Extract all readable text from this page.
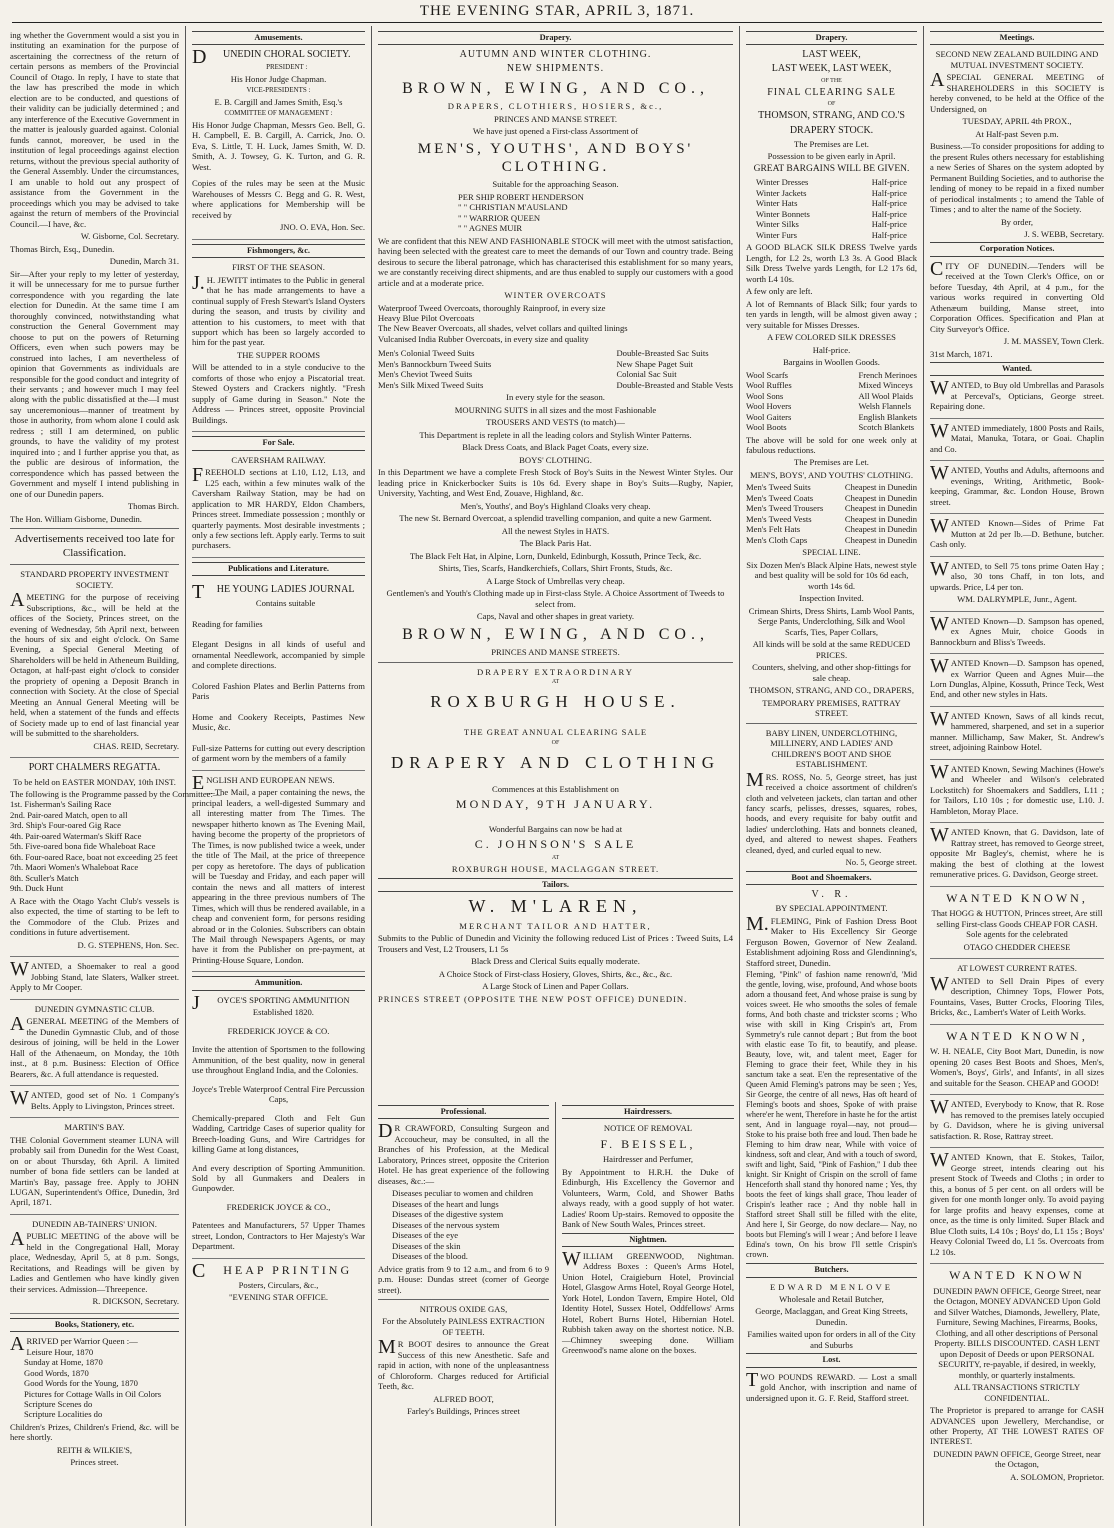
THE EVENING STAR, APRIL 3, 1871.

ing whether the Government would a sist you in instituting an examination for the purpose of ascertaining the correctness of the return of certain persons as members of the Provincial Council of Otago. In reply, I have to state that the law has prescribed the mode in which election are to be conducted, and questions of their validity can be judicially determined ; and any interference of the Executive Government in the matter is jealously guarded against. Colonial funds cannot, moreover, be used in the institution of legal proceedings against election returns, without the previous special authority of the General Assembly. Under the circumstances, I am unable to hold out any prospect of assistance from the Government in the proceedings which you may be advised to take against the return of members of the Provincial Council.—I have, &c.

W. Gisborne, Col. Secretary.

Thomas Birch, Esq., Dunedin.

Dunedin, March 31.

Sir—After your reply to my letter of yesterday, it will be unnecessary for me to pursue further correspondence with you regarding the late election for Dunedin. At the same time I am thoroughly convinced, notwithstanding what construction the General Government may choose to put on the powers of Returning Officers, even when such powers may be construed into laches, I am nevertheless of opinion that Governments as individuals are responsible for the good conduct and integrity of their servants ; and however much I may feel along with the public dissatisfied at the—I must say unceremonious—manner of treatment by those in authority, from whom alone I could ask redress ; still I am determined, on public grounds, to have the validity of my protest inquired into ; and I further apprise you that, as the public are desirous of information, the correspondence which has passed between the Government and myself I intend publishing in one of our Dunedin papers.

Thomas Birch.

The Hon. William Gisborne, Dunedin.

Advertisements received too late for Classification.

STANDARD PROPERTY INVESTMENT SOCIETY.

AMEETING for the purpose of receiving Subscriptions, &c., will be held at the offices of the Society, Princes street, on the evening of Wednesday, 5th April next, between the hours of six and eight o'clock. On Same Evening, a Special General Meeting of Shareholders will be held in Atheneum Building, Octagon, at half-past eight o'clock to consider the propriety of opening a Deposit Branch in connection with Society. At the close of Special Meeting an Annual General Meeting will be held, when a statement of the funds and effects of Society made up to end of last financial year will be submitted to the shareholders.

CHAS. REID, Secretary.

PORT CHALMERS REGATTA.

To be held on EASTER MONDAY, 10th INST.

The following is the Programme passed by the Committee:—

1st. Fisherman's Sailing Race

2nd. Pair-oared Match, open to all

3rd. Ship's Four-oared Gig Race

4th. Pair-oared Waterman's Skiff Race

5th. Five-oared bona fide Whaleboat Race

6th. Four-oared Race, boat not exceeding 25 feet

7th. Maori Women's Whaleboat Race

8th. Sculler's Match

9th. Duck Hunt

A Race with the Otago Yacht Club's vessels is also expected, the time of starting to be left to the Commodore of the Club. Prizes and conditions in future advertisement.

D. G. STEPHENS, Hon. Sec.

WANTED, a Shoemaker to real a good Jobbing Stand, late Slaters, Walker street. Apply to Mr Cooper.

DUNEDIN GYMNASTIC CLUB.

AGENERAL MEETING of the Members of the Dunedin Gymnastic Club, and of those desirous of joining, will be held in the Lower Hall of the Athenaeum, on Monday, the 10th inst., at 8 p.m. Business: Election of Office Bearers, &c. A full attendance is requested.

WANTED, good set of No. 1 Company's Belts. Apply to Livingston, Princes street.

MARTIN'S BAY.

THE Colonial Government steamer LUNA will probably sail from Dunedin for the West Coast, on or about Thursday, 6th April. A limited number of bona fide settlers can be landed at Martin's Bay, passage free. Apply to JOHN LUGAN, Superintendent's Office, Dunedin, 3rd April, 1871.

DUNEDIN AB-TAINERS' UNION.

APUBLIC MEETING of the above will be held in the Congregational Hall, Moray place, Wednesday, April 5, at 8 p.m. Songs, Recitations, and Readings will be given by Ladies and Gentlemen who have kindly given their services. Admission—Threepence.

R. DICKSON, Secretary.

Books, Stationery, etc.

ARRIVED per Warrior Queen :—

Leisure Hour, 1870

Sunday at Home, 1870

Good Words, 1870

Good Words for the Young, 1870

Pictures for Cottage Walls in Oil Colors

Scripture Scenes do

Scripture Localities do

Children's Prizes, Children's Friend, &c. will be here shortly.

REITH & WILKIE'S,

Princes street.

Amusements.

DUNEDIN CHORAL SOCIETY.

PRESIDENT :

His Honor Judge Chapman.

VICE-PRESIDENTS :

E. B. Cargill and James Smith, Esq.'s

COMMITTEE OF MANAGEMENT :

His Honor Judge Chapman, Messrs Geo. Bell, G. H. Campbell, E. B. Cargill, A. Carrick, Jno. O. Eva, S. Little, T. H. Luck, James Smith, W. D. Smith, A. J. Towsey, G. K. Turton, and G. R. West.

Copies of the rules may be seen at the Music Warehouses of Messrs C. Begg and G. R. West, where applications for Membership will be received by

JNO. O. EVA, Hon. Sec.

Fishmongers, &c.

FIRST OF THE SEASON.

J.H. JEWITT intimates to the Public in general that he has made arrangements to have a continual supply of Fresh Stewart's Island Oysters during the season, and trusts by civility and attention to his customers, to meet with that support which has been so largely accorded to him for the past year.

THE SUPPER ROOMS

Will be attended to in a style conducive to the comforts of those who enjoy a Piscatorial treat. Stewed Oysters and Crackers nightly. "Fresh supply of Game during in Season." Note the Address — Princes street, opposite Provincial Buildings.

For Sale.

CAVERSHAM RAILWAY.

FREEHOLD sections at L10, L12, L13, and L25 each, within a few minutes walk of the Caversham Railway Station, may be had on application to MR HARDY, Eldon Chambers, Princes street. Immediate possession ; monthly or quarterly payments. Most desirable investments ; only a few sections left. Apply early. Terms to suit purchasers.

Publications and Literature.

THE YOUNG LADIES JOURNAL

Contains suitable

Reading for families

Elegant Designs in all kinds of useful and ornamental Needlework, accompanied by simple and complete directions.

Colored Fashion Plates and Berlin Patterns from Paris

Home and Cookery Receipts, Pastimes New Music, &c.

Full-size Patterns for cutting out every description of garment worn by the members of a family

ENGLISH AND EUROPEAN NEWS.

—The Mail, a paper containing the news, the principal leaders, a well-digested Summary and all interesting matter from The Times. The newspaper hitherto known as The Evening Mail, having become the property of the proprietors of The Times, is now published twice a week, under the title of The Mail, at the price of threepence per copy as heretofore. The days of publication will be Tuesday and Friday, and each paper will contain the news and all matters of interest appearing in the three previous numbers of The Times, which will thus be rendered available, in a cheap and convenient form, for persons residing abroad or in the Colonies. Subscribers can obtain The Mail through Newspapers Agents, or may have it from the Publisher on pre-payment, at Printing-House Square, London.

Ammunition.

JOYCE'S SPORTING AMMUNITION

Established 1820.

FREDERICK JOYCE & CO.

Invite the attention of Sportsmen to the following Ammunition, of the best quality, now in general use throughout England India, and the Colonies.

Joyce's Treble Waterproof Central Fire Percussion Caps,

Chemically-prepared Cloth and Felt Gun Wadding, Cartridge Cases of superior quality for Breech-loading Guns, and Wire Cartridges for killing Game at long distances,

And every description of Sporting Ammunition. Sold by all Gunmakers and Dealers in Gunpowder.

FREDERICK JOYCE & CO.,

Patentees and Manufacturers, 57 Upper Thames street, London, Contractors to Her Majesty's War Department.

CHEAP PRINTING

Posters, Circulars, &c.,

"EVENING STAR OFFICE.

Drapery.

AUTUMN AND WINTER CLOTHING.

NEW SHIPMENTS.

BROWN, EWING, AND CO.,

DRAPERS, CLOTHIERS, HOSIERS, &c.,

PRINCES AND MANSE STREET.

We have just opened a First-class Assortment of

MEN'S, YOUTHS', AND BOYS' CLOTHING.

Suitable for the approaching Season.

PER SHIP ROBERT HENDERSON

" " CHRISTIAN M'AUSLAND

" " WARRIOR QUEEN

" " AGNES MUIR

We are confident that this NEW AND FASHIONABLE STOCK will meet with the utmost satisfaction, having been selected with the greatest care to meet the demands of our Town and country trade. Being desirous to secure the liberal patronage, which has characterised this establishment for so many years, we are constantly receiving direct shipments, and are thus enabled to supply our customers with a good article and at a moderate price.

WINTER OVERCOATS

Waterproof Tweed Overcoats, thoroughly Rainproof, in every size

Heavy Blue Pilot Overcoats

The New Beaver Overcoats, all shades, velvet collars and quilted linings

Vulcanised India Rubber Overcoats, in every size and quality

Men's Colonial Tweed Suits

Men's Bannockburn Tweed Suits

Men's Cheviot Tweed Suits

Men's Silk Mixed Tweed Suits

Double-Breasted Sac Suits

New Shape Paget Suit

Colonial Sac Suit

Double-Breasted and Stable Vests

In every style for the season.

MOURNING SUITS in all sizes and the most Fashionable

TROUSERS AND VESTS (to match)—

This Department is replete in all the leading colors and Stylish Winter Patterns.

Black Dress Coats, and Black Paget Coats, every size.

BOYS' CLOTHING.

In this Department we have a complete Fresh Stock of Boy's Suits in the Newest Winter Styles. Our leading price in Knickerbocker Suits is 10s 6d. Every shape in Boy's Suits—Rugby, Napier, University, Yachting, and West End, Zouave, Highland, &c.

Men's, Youths', and Boy's Highland Cloaks very cheap.

The new St. Bernard Overcoat, a splendid travelling companion, and quite a new Garment.

All the newest Styles in HATS.

The Black Paris Hat.

The Black Felt Hat, in Alpine, Lorn, Dunkeld, Edinburgh, Kossuth, Prince Teck, &c.

Shirts, Ties, Scarfs, Handkerchiefs, Collars, Shirt Fronts, Studs, &c.

A Large Stock of Umbrellas very cheap.

Gentlemen's and Youth's Clothing made up in First-class Style. A Choice Assortment of Tweeds to select from.

Caps, Naval and other shapes in great variety.

BROWN, EWING, AND CO.,

PRINCES AND MANSE STREETS.

DRAPERY EXTRAORDINARY

AT

ROXBURGH HOUSE.

THE GREAT ANNUAL CLEARING SALE

OF

DRAPERY AND CLOTHING

Commences at this Establishment on

MONDAY, 9TH JANUARY.

Wonderful Bargains can now be had at

C. JOHNSON'S SALE

AT

ROXBURGH HOUSE, MACLAGGAN STREET.

Tailors.

W. M'LAREN,

MERCHANT TAILOR AND HATTER,

Submits to the Public of Dunedin and Vicinity the following reduced List of Prices : Tweed Suits, L4 Trousers and Vest, L2 Trousers, L1 5s

Black Dress and Clerical Suits equally moderate.

A Choice Stock of First-class Hosiery, Gloves, Shirts, &c., &c., &c.

A Large Stock of Linen and Paper Collars.

PRINCES STREET (OPPOSITE THE NEW POST OFFICE) DUNEDIN.

Professional.

DR CRAWFORD, Consulting Surgeon and Accoucheur, may be consulted, in all the Branches of his Profession, at the Medical Laboratory, Princes street, opposite the Criterion Hotel. He has great experience of the following diseases, &c.:—

Diseases peculiar to women and children

Diseases of the heart and lungs

Diseases of the digestive system

Diseases of the nervous system

Diseases of the eye

Diseases of the skin

Diseases of the blood.

Advice gratis from 9 to 12 a.m., and from 6 to 9 p.m. House: Dundas street (corner of George street).

NITROUS OXIDE GAS,

For the Absolutely PAINLESS EXTRACTION OF TEETH.

MR BOOT desires to announce the Great Success of this new Anesthetic. Safe and rapid in action, with none of the unpleasantness of Chloroform. Charges reduced for Artificial Teeth, &c.

ALFRED BOOT,

Farley's Buildings, Princes street

Hairdressers.

NOTICE OF REMOVAL

F. BEISSEL,

Hairdresser and Perfumer,

By Appointment to H.R.H. the Duke of Edinburgh, His Excellency the Governor and Volunteers, Warm, Cold, and Shower Baths always ready, with a good supply of hot water. Ladies' Room Up-stairs. Removed to opposite the Bank of New South Wales, Princes street.

Nightmen.

WILLIAM GREENWOOD, Nightman. Address Boxes : Queen's Arms Hotel, Union Hotel, Craigieburn Hotel, Provincial Hotel, Glasgow Arms Hotel, Royal George Hotel, York Hotel, London Tavern, Empire Hotel, Old Identity Hotel, Sussex Hotel, Oddfellows' Arms Hotel, Robert Burns Hotel, Hibernian Hotel. Rubbish taken away on the shortest notice. N.B.—Chimney sweeping done. William Greenwood's name alone on the boxes.

Drapery.

LAST WEEK,

LAST WEEK, LAST WEEK,

OF THE

FINAL CLEARING SALE

OF

THOMSON, STRANG, AND CO.'S

DRAPERY STOCK.

The Premises are Let.

Possession to be given early in April.

GREAT BARGAINS WILL BE GIVEN.

Winter Dresses	Half-price
Winter Jackets	Half-price
Winter Hats	Half-price
Winter Bonnets	Half-price
Winter Silks	Half-price
Winter Furs	Half-price

A GOOD BLACK SILK DRESS Twelve yards Length, for L2 2s, worth L3 3s. A Good Black Silk Dress Twelve yards Length, for L2 17s 6d, worth L4 10s.

A few only are left.

A lot of Remnants of Black Silk; four yards to ten yards in length, will be almost given away ; very suitable for Misses Dresses.

A FEW COLORED SILK DRESSES

Half-price.

Bargains in Woollen Goods.

Wool Scarfs

Wool Ruffles

Wool Sons

Wool Hovers

Wool Gaiters

Wool Boots

French Merinoes

Mixed Winceys

All Wool Plaids

Welsh Flannels

English Blankets

Scotch Blankets

The above will be sold for one week only at fabulous reductions.

The Premises are Let.

MEN'S, BOYS', AND YOUTHS' CLOTHING.

Men's Tweed Suits	Cheapest in Dunedin
Men's Tweed Coats	Cheapest in Dunedin
Men's Tweed Trousers	Cheapest in Dunedin
Men's Tweed Vests	Cheapest in Dunedin
Men's Felt Hats	Cheapest in Dunedin
Men's Cloth Caps	Cheapest in Dunedin

SPECIAL LINE.

Six Dozen Men's Black Alpine Hats, newest style and best quality will be sold for 10s 6d each, worth 14s 6d.

Inspection Invited.

Crimean Shirts, Dress Shirts, Lamb Wool Pants, Serge Pants, Underclothing, Silk and Wool Scarfs, Ties, Paper Collars,

All kinds will be sold at the same REDUCED PRICES.

Counters, shelving, and other shop-fittings for sale cheap.

THOMSON, STRANG, AND CO., DRAPERS,

TEMPORARY PREMISES, RATTRAY STREET.

BABY LINEN, UNDERCLOTHING, MILLINERY, AND LADIES' AND CHILDREN'S BOOT AND SHOE ESTABLISHMENT.

MRS. ROSS, No. 5, George street, has just received a choice assortment of children's cloth and velveteen jackets, clan tartan and other fancy scarfs, pelisses, dresses, squares, robes, hoods, and every requisite for baby outfit and ladies' underclothing. Hats and bonnets cleaned, dyed, and altered to newest shapes. Feathers cleaned, dyed, and curled equal to new.

No. 5, George street.

Boot and Shoemakers.

V. R.

BY SPECIAL APPOINTMENT.

M.FLEMING, Pink of Fashion Dress Boot Maker to His Excellency Sir George Ferguson Bowen, Governor of New Zealand. Establishment adjoining Ross and Glendinning's, Stafford street, Dunedin.

Fleming, "Pink" of fashion name renown'd, 'Mid the gentle, loving, wise, profound, And whose boots adorn a thousand feet, And whose praise is sung by voices sweet. He who smooths the soles of female forms, And both chaste and trickster scorns ; Who wise with skill in King Crispin's art, From Symmetry's rule cannot depart ; But from the boot with elastic ease To fit, to beautify, and please. Beauty, love, wit, and talent meet, Eager for Fleming to grace their feet, While they in his sanctum take a seat. E'en the representative of the Queen Amid Fleming's patrons may be seen ; Yes, Sir George, the centre of all news, Has oft heard of Fleming's boots and shoes, Spoke of with praise where'er he went, Therefore in haste he for the artist sent, And in language royal—nay, not proud— Stoke to his praise both free and loud. Then bade he Fleming to him draw near, While with voice of kindness, soft and clear, And with a touch of sword, swift and light, Said, "Pink of Fashion," I dub thee knight. Sir Knight of Crispin on the scroll of fame Henceforth shall stand thy honored name ; Yes, thy boots the feet of kings shall grace, Thou leader of Crispin's leather race ; And thy noble hall in Stafford street Shall still be filled with the elite, And here I, Sir George, do now declare— Nay, no boots but Fleming's will I wear ; And before I leave Edina's town, On his brow I'll settle Crispin's crown.

Butchers.

EDWARD MENLOVE

Wholesale and Retail Butcher,

George, Maclaggan, and Great King Streets, Dunedin.

Families waited upon for orders in all of the City and Suburbs

Lost.

TWO POUNDS REWARD. — Lost a small gold Anchor, with inscription and name of undersigned upon it. G. F. Reid, Stafford street.

Meetings.

SECOND NEW ZEALAND BUILDING AND MUTUAL INVESTMENT SOCIETY.

ASPECIAL GENERAL MEETING of SHAREHOLDERS in this SOCIETY is hereby convened, to be held at the Office of the Undersigned, on

TUESDAY, APRIL 4th PROX.,

At Half-past Seven p.m.

Business.—To consider propositions for adding to the present Rules others necessary for establishing a new Series of Shares on the system adopted by Permanent Building Societies, and to authorise the lending of money to be repaid in a fixed number of periodical instalments ; to amend the Table of Times ; and to alter the name of the Society.

By order,

J. S. WEBB, Secretary.

Corporation Notices.

CITY OF DUNEDIN.—Tenders will be received at the Town Clerk's Office, on or before Tuesday, 4th April, at 4 p.m., for the various works required in converting Old Athenæum building, Manse street, into Corporation Offices. Specification and Plan at City Surveyor's Office.

J. M. MASSEY, Town Clerk.

31st March, 1871.

Wanted.

WANTED, to Buy old Umbrellas and Parasols at Perceval's, Opticians, George street. Repairing done.

WANTED immediately, 1800 Posts and Rails, Matai, Manuka, Totara, or Goai. Chaplin and Co.

WANTED, Youths and Adults, afternoons and evenings, Writing, Arithmetic, Book-keeping, Grammar, &c. London House, Brown street.

WANTED Known—Sides of Prime Fat Mutton at 2d per lb.—D. Bethune, butcher. Cash only.

WANTED, to Sell 75 tons prime Oaten Hay ; also, 30 tons Chaff, in ton lots, and upwards. Price, L4 per ton.

WM. DALRYMPLE, Junr., Agent.

WANTED Known—D. Sampson has opened, ex Agnes Muir, choice Goods in Bannockburn and Bliss's Tweeds.

WANTED Known—D. Sampson has opened, ex Warrior Queen and Agnes Muir—the Lorn Dunglas, Alpine, Kossuth, Prince Teck, West End, and other new styles in Hats.

WANTED Known, Saws of all kinds recut, hammered, sharpened, and set in a superior manner. Millichamp, Saw Maker, St. Andrew's street, adjoining Rainbow Hotel.

WANTED Known, Sewing Machines (Howe's and Wheeler and Wilson's celebrated Lockstitch) for Shoemakers and Saddlers, L11 ; for Tailors, L10 10s ; for domestic use, L10. J. Hambleton, Moray Place.

WANTED Known, that G. Davidson, late of Rattray street, has removed to George street, opposite Mr Bagley's, chemist, where he is making the best of clothing at the lowest remunerative prices. G. Davidson, George street.

WANTED KNOWN,

That HOGG & HUTTON, Princes street, Are still selling First-class Goods CHEAP FOR CASH. Sole agents for the celebrated

OTAGO CHEDDER CHEESE

AT LOWEST CURRENT RATES.

WANTED to Sell Drain Pipes of every description, Chimney Tops, Flower Pots, Fountains, Vases, Butter Crocks, Flooring Tiles, Bricks, &c., Lambert's Water of Leith Works.

WANTED KNOWN,

W. H. NEALE, City Boot Mart, Dunedin, is now opening 20 cases Best Boots and Shoes, Men's, Women's, Boys', Girls', and Infants', in all sizes and suitable for the Season. CHEAP and GOOD!

WANTED, Everybody to Know, that R. Rose has removed to the premises lately occupied by G. Davidson, where he is giving universal satisfaction. R. Rose, Rattray street.

WANTED Known, that E. Stokes, Tailor, George street, intends clearing out his present Stock of Tweeds and Cloths ; in order to this, a bonus of 5 per cent. on all orders will be given for one month longer only. To avoid paying for large profits and heavy expenses, come at once, as the time is only limited. Super Black and Blue Cloth suits, L4 10s ; Boys' do, L1 15s ; Boys' Heavy Colonial Tweed do, L1 5s. Overcoats from L2 10s.

WANTED KNOWN

DUNEDIN PAWN OFFICE, George Street, near the Octagon, MONEY ADVANCED Upon Gold and Silver Watches, Diamonds, Jewellery, Plate, Furniture, Sewing Machines, Firearms, Books, Clothing, and all other descriptions of Personal Property. BILLS DISCOUNTED. CASH LENT upon Deposit of Deeds or upon PERSONAL SECURITY, re-payable, if desired, in weekly, monthly, or quarterly instalments.

ALL TRANSACTIONS STRICTLY CONFIDENTIAL.

The Proprietor is prepared to arrange for CASH ADVANCES upon Jewellery, Merchandise, or other Property, AT THE LOWEST RATES OF INTEREST.

DUNEDIN PAWN OFFICE, George Street, near the Octagon,

A. SOLOMON, Proprietor.
